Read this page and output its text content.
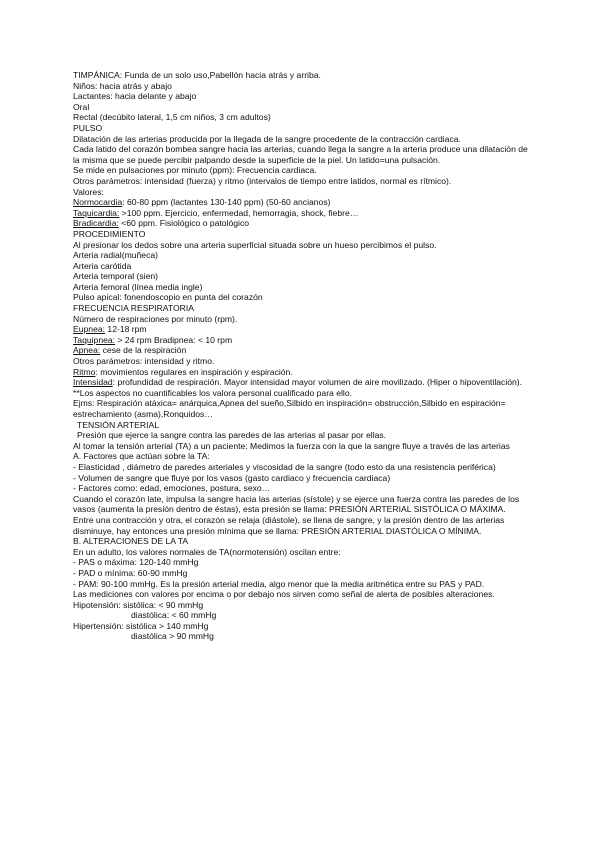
TIMPÁNICA: Funda de un solo uso,Pabellón hacia atrás y arriba.
Niños: hacia atrás y abajo
Lactantes: hacia delante y abajo
Oral
Rectal (decúbito lateral, 1,5 cm niños, 3 cm adultos)
PULSO
Dilatación de las arterias producida por la llegada de la sangre procedente de la contracción cardiaca.
Cada latido del corazón bombea sangre hacia las arterias, cuando llega la sangre a la arteria produce una dilatación de la misma que se puede percibir palpando desde la superficie de la piel. Un latido=una pulsación.
Se mide en pulsaciones por minuto (ppm): Frecuencia cardiaca.
Otros parámetros: intensidad (fuerza) y ritmo (intervalos de tiempo entre latidos, normal es rítmico).
Valores:
Normocardia: 60-80 ppm (lactantes 130-140 ppm) (50-60 ancianos)
Taquicardia: >100 ppm. Ejercicio, enfermedad, hemorragia, shock, fiebre…
Bradicardia: <60 ppm. Fisiológico o patológico
PROCEDIMIENTO
Al presionar los dedos sobre una arteria superficial situada sobre un hueso percibimos el pulso.
Arteria radial(muñeca)
Arteria carótida
Arteria temporal (sien)
Arteria femoral (línea media ingle)
Pulso apical: fonendoscopio en punta del corazón
FRECUENCIA RESPIRATORIA
Número de respiraciones por minuto (rpm).
Eupnea: 12-18 rpm
Taquipnea: > 24 rpm Bradipnea: < 10 rpm
Apnea: cese de la respiración
Otros parámetros: intensidad y ritmo.
Ritmo: movimientos regulares en inspiración y espiración.
Intensidad: profundidad de respiración. Mayor intensidad mayor volumen de aire movilizado. (Hiper o hipoventilación).
**Los aspectos no cuantificables los valora personal cualificado para ello.
Ejms: Respiración atáxica= anárquica,Apnea del sueño,Silbido en inspiración= obstrucción,Silbido en espiración= estrechamiento (asma),Ronquidos…
TENSIÓN ARTERIAL
Presión que ejerce la sangre contra las paredes de las arterias al pasar por ellas.
Al tomar la tensión arterial (TA) a un paciente: Medimos la fuerza con la que la sangre fluye a través de las arterias
A. Factores que actúan sobre la TA:
- Elasticidad , diámetro de paredes arteriales y viscosidad de la sangre (todo esto da una resistencia periférica)
- Volumen de sangre que fluye por los vasos (gasto cardiaco y frecuencia cardiaca)
- Factores como: edad, emociones, postura, sexo…
Cuando el corazón late, impulsa la sangre hacia las arterias (sístole) y se ejerce una fuerza contra las paredes de los vasos (aumenta la presión dentro de éstas), esta presión se llama: PRESIÓN ARTERIAL SISTÓLICA O MÁXIMA.
Entre una contracción y otra, el corazón se relaja (diástole), se llena de sangre, y la presión dentro de las arterias disminuye, hay entonces una presión mínima que se llama: PRESIÓN ARTERIAL DIASTÓLICA O MÍNIMA.
B. ALTERACIONES DE LA TA
En un adulto, los valores normales de TA(normotensión) oscilan entre:
- PAS o máxima: 120-140 mmHg
- PAD o mínima: 60-90 mmHg
- PAM: 90-100 mmHg. Es la presión arterial media, algo menor que la media aritmética entre su PAS y PAD.
Las mediciones con valores por encima o por debajo nos sirven como señal de alerta de posibles alteraciones.
Hipotensión: sistólica: < 90 mmHg
diastólica: < 60 mmHg
Hipertensión: sistólica > 140 mmHg
diastólica > 90 mmHg
